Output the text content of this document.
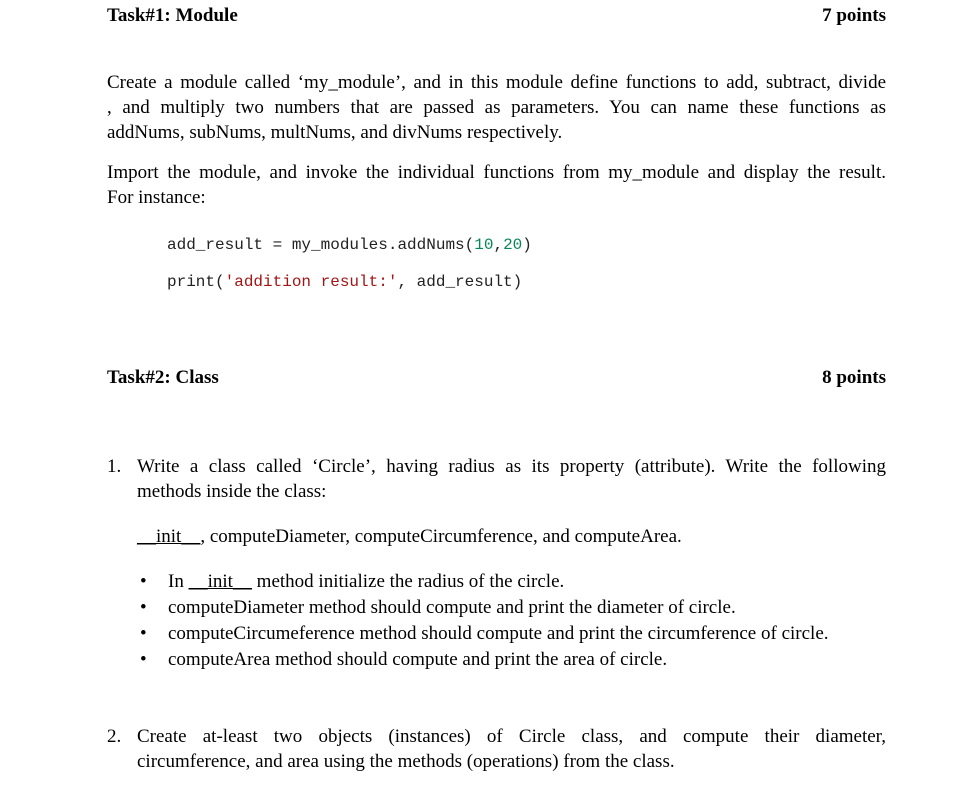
Task#1: Module	7 points
Create a module called ‘my_module’, and in this module define functions to add, subtract, divide
, and multiply two numbers that are passed as parameters. You can name these functions as
addNums, subNums, multNums, and divNums respectively.
Import the module, and invoke the individual functions from my_module and display the result.
For instance:
add_result = my_modules.addNums(10,20)
print('addition result:', add_result)
Task#2: Class	8 points
1. Write a class called ‘Circle’, having radius as its property (attribute). Write the following
methods inside the class:
__init__, computeDiameter, computeCircumference, and computeArea.
•	In __init__ method initialize the radius of the circle.
•	computeDiameter method should compute and print the diameter of circle.
•	computeCircumeference method should compute and print the circumference of circle.
•	computeArea method should compute and print the area of circle.
2. Create at-least two objects (instances) of Circle class, and compute their diameter,
circumference, and area using the methods (operations) from the class.
